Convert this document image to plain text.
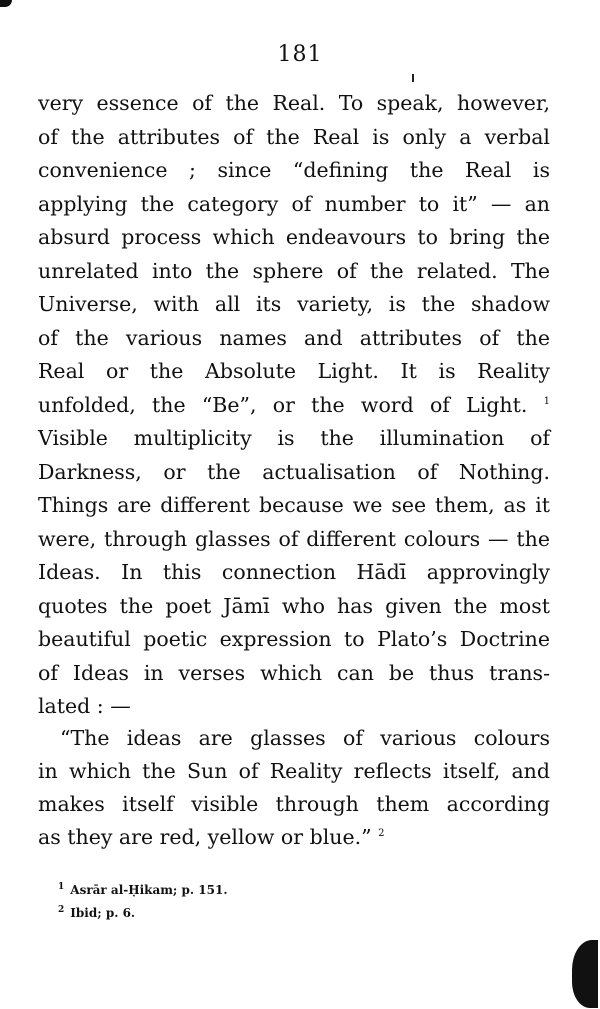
181
very essence of the Real. To speak, however,
of the attributes of the Real is only a verbal
convenience ; since “defining the Real is
applying the category of number to it” — an
absurd process which endeavours to bring the
unrelated into the sphere of the related. The
Universe, with all its variety, is the shadow
of the various names and attributes of the
Real or the Absolute Light. It is Reality
unfolded, the “Be”, or the word of Light. $^1$
Visible multiplicity is the illumination of
Darkness, or the actualisation of Nothing.
Things are different because we see them, as it
were, through glasses of different colours — the
Ideas. In this connection Hādī approvingly
quotes the poet Jāmī who has given the most
beautiful poetic expression to Plato’s Doctrine
of Ideas in verses which can be thus trans-
lated : —
“The ideas are glasses of various colours
in which the Sun of Reality reflects itself, and
makes itself visible through them according
as they are red, yellow or blue.” $^2$
$^1$ Asrār al-Ḥikam; p. 151.
$^2$ Ibid; p. 6.
